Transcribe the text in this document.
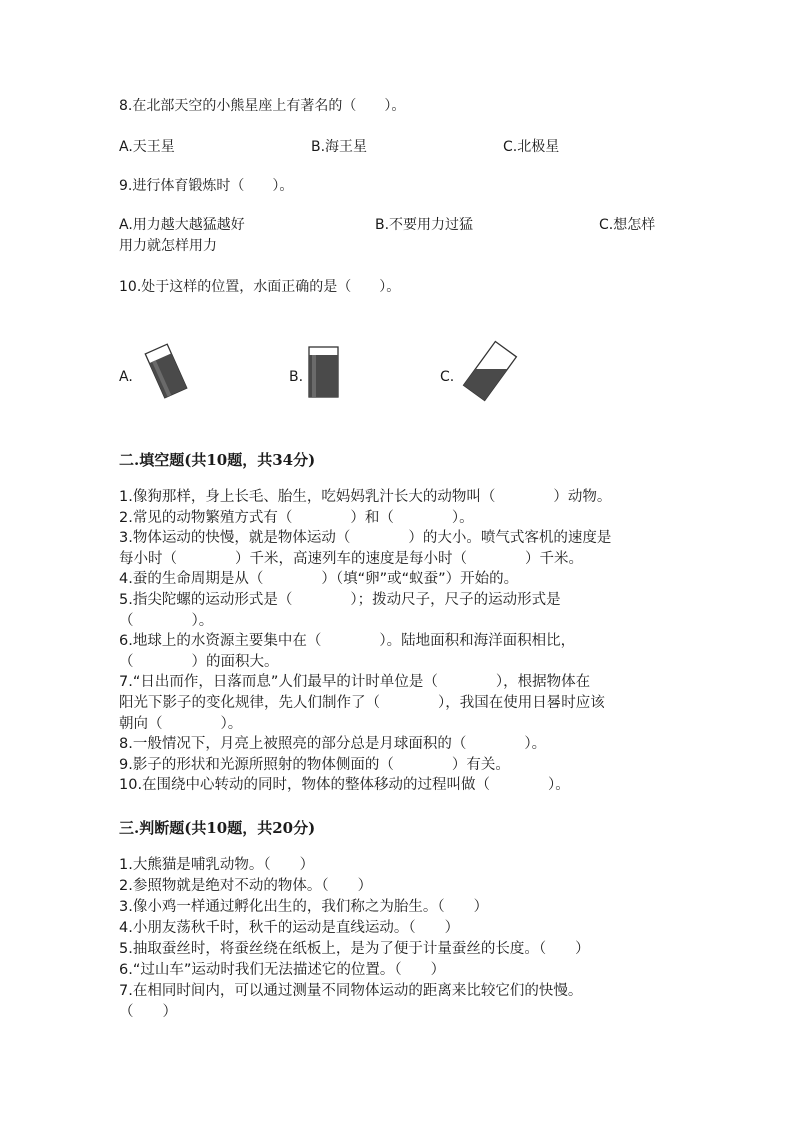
8.在北部天空的小熊星座上有著名的（　　）。
A.天王星	B.海王星	C.北极星
9.进行体育锻炼时（　　）。
A.用力越大越猛越好	B.不要用力过猛	C.想怎样
用力就怎样用力
10.处于这样的位置，水面正确的是（　　）。
A.	B.	C.
二.填空题(共10题，共34分)
1.像狗那样，身上长毛、胎生，吃妈妈乳汁长大的动物叫（　　　　）动物。
2.常见的动物繁殖方式有（　　　　）和（　　　　）。
3.物体运动的快慢，就是物体运动（　　　　）的大小。喷气式客机的速度是
每小时（　　　　）千米，高速列车的速度是每小时（　　　　）千米。
4.蚕的生命周期是从（　　　　）（填“卵”或“蚁蚕”）开始的。
5.指尖陀螺的运动形式是（　　　　）；拨动尺子，尺子的运动形式是
（　　　　）。
6.地球上的水资源主要集中在（　　　　）。陆地面积和海洋面积相比，
（　　　　）的面积大。
7.“日出而作，日落而息”人们最早的计时单位是（　　　　），根据物体在
阳光下影子的变化规律，先人们制作了（　　　　），我国在使用日晷时应该
朝向（　　　　）。
8.一般情况下，月亮上被照亮的部分总是月球面积的（　　　　）。
9.影子的形状和光源所照射的物体侧面的（　　　　）有关。
10.在围绕中心转动的同时，物体的整体移动的过程叫做（　　　　）。
三.判断题(共10题，共20分)
1.大熊猫是哺乳动物。（　　）
2.参照物就是绝对不动的物体。（　　）
3.像小鸡一样通过孵化出生的，我们称之为胎生。（　　）
4.小朋友荡秋千时，秋千的运动是直线运动。（　　）
5.抽取蚕丝时，将蚕丝绕在纸板上，是为了便于计量蚕丝的长度。（　　）
6.“过山车”运动时我们无法描述它的位置。（　　）
7.在相同时间内，可以通过测量不同物体运动的距离来比较它们的快慢。
（　　）
